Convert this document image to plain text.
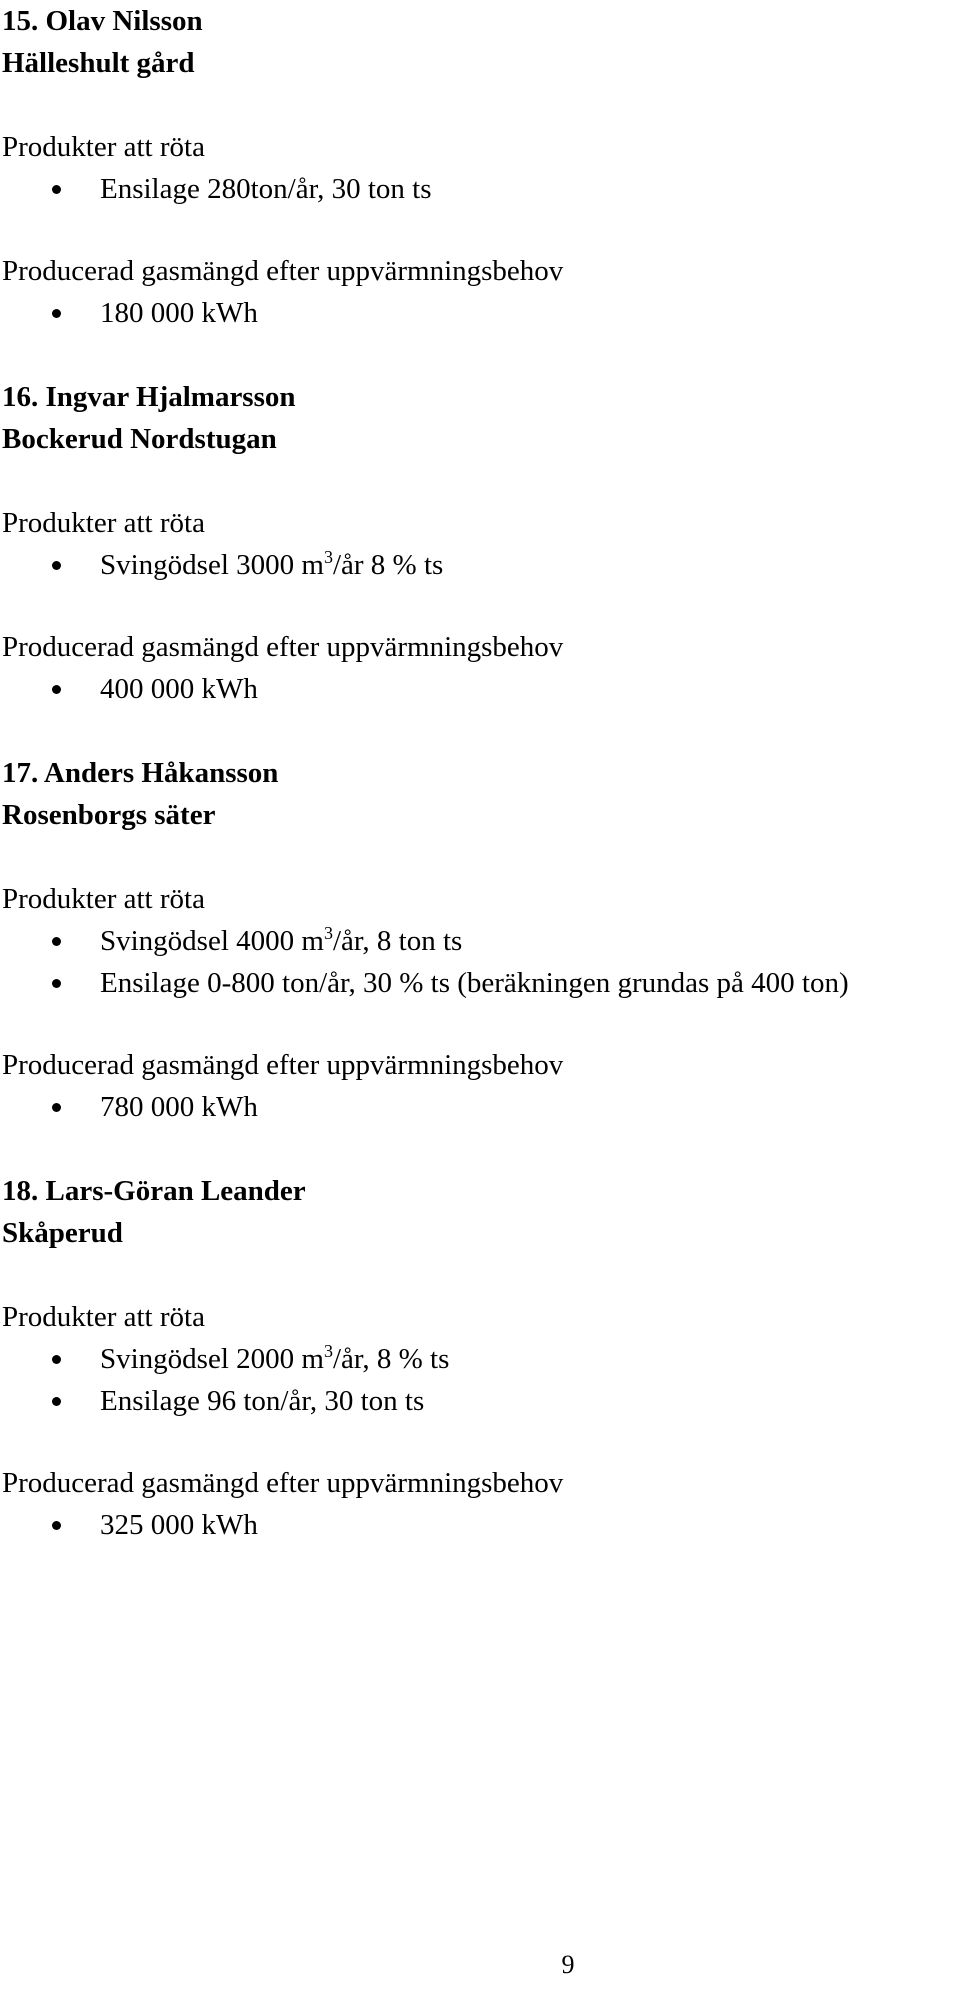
15. Olav Nilsson

Hälleshult gård

Produkter att röta

Ensilage 280ton/år, 30 ton ts

Producerad gasmängd efter uppvärmningsbehov

180 000 kWh

16. Ingvar Hjalmarsson

Bockerud Nordstugan

Produkter att röta

Svingödsel 3000 $m^3/år$ 8 % ts

Producerad gasmängd efter uppvärmningsbehov

400 000 kWh

17. Anders Håkansson

Rosenborgs säter

Produkter att röta

Svingödsel 4000 $m^3/år$, 8 ton ts
Ensilage 0-800 ton/år, 30 % ts (beräkningen grundas på 400 ton)

Producerad gasmängd efter uppvärmningsbehov

780 000 kWh

18. Lars-Göran Leander

Skåperud

Produkter att röta

Svingödsel 2000 $m^3/år$, 8 % ts
Ensilage 96 ton/år, 30 ton ts

Producerad gasmängd efter uppvärmningsbehov

325 000 kWh
9
